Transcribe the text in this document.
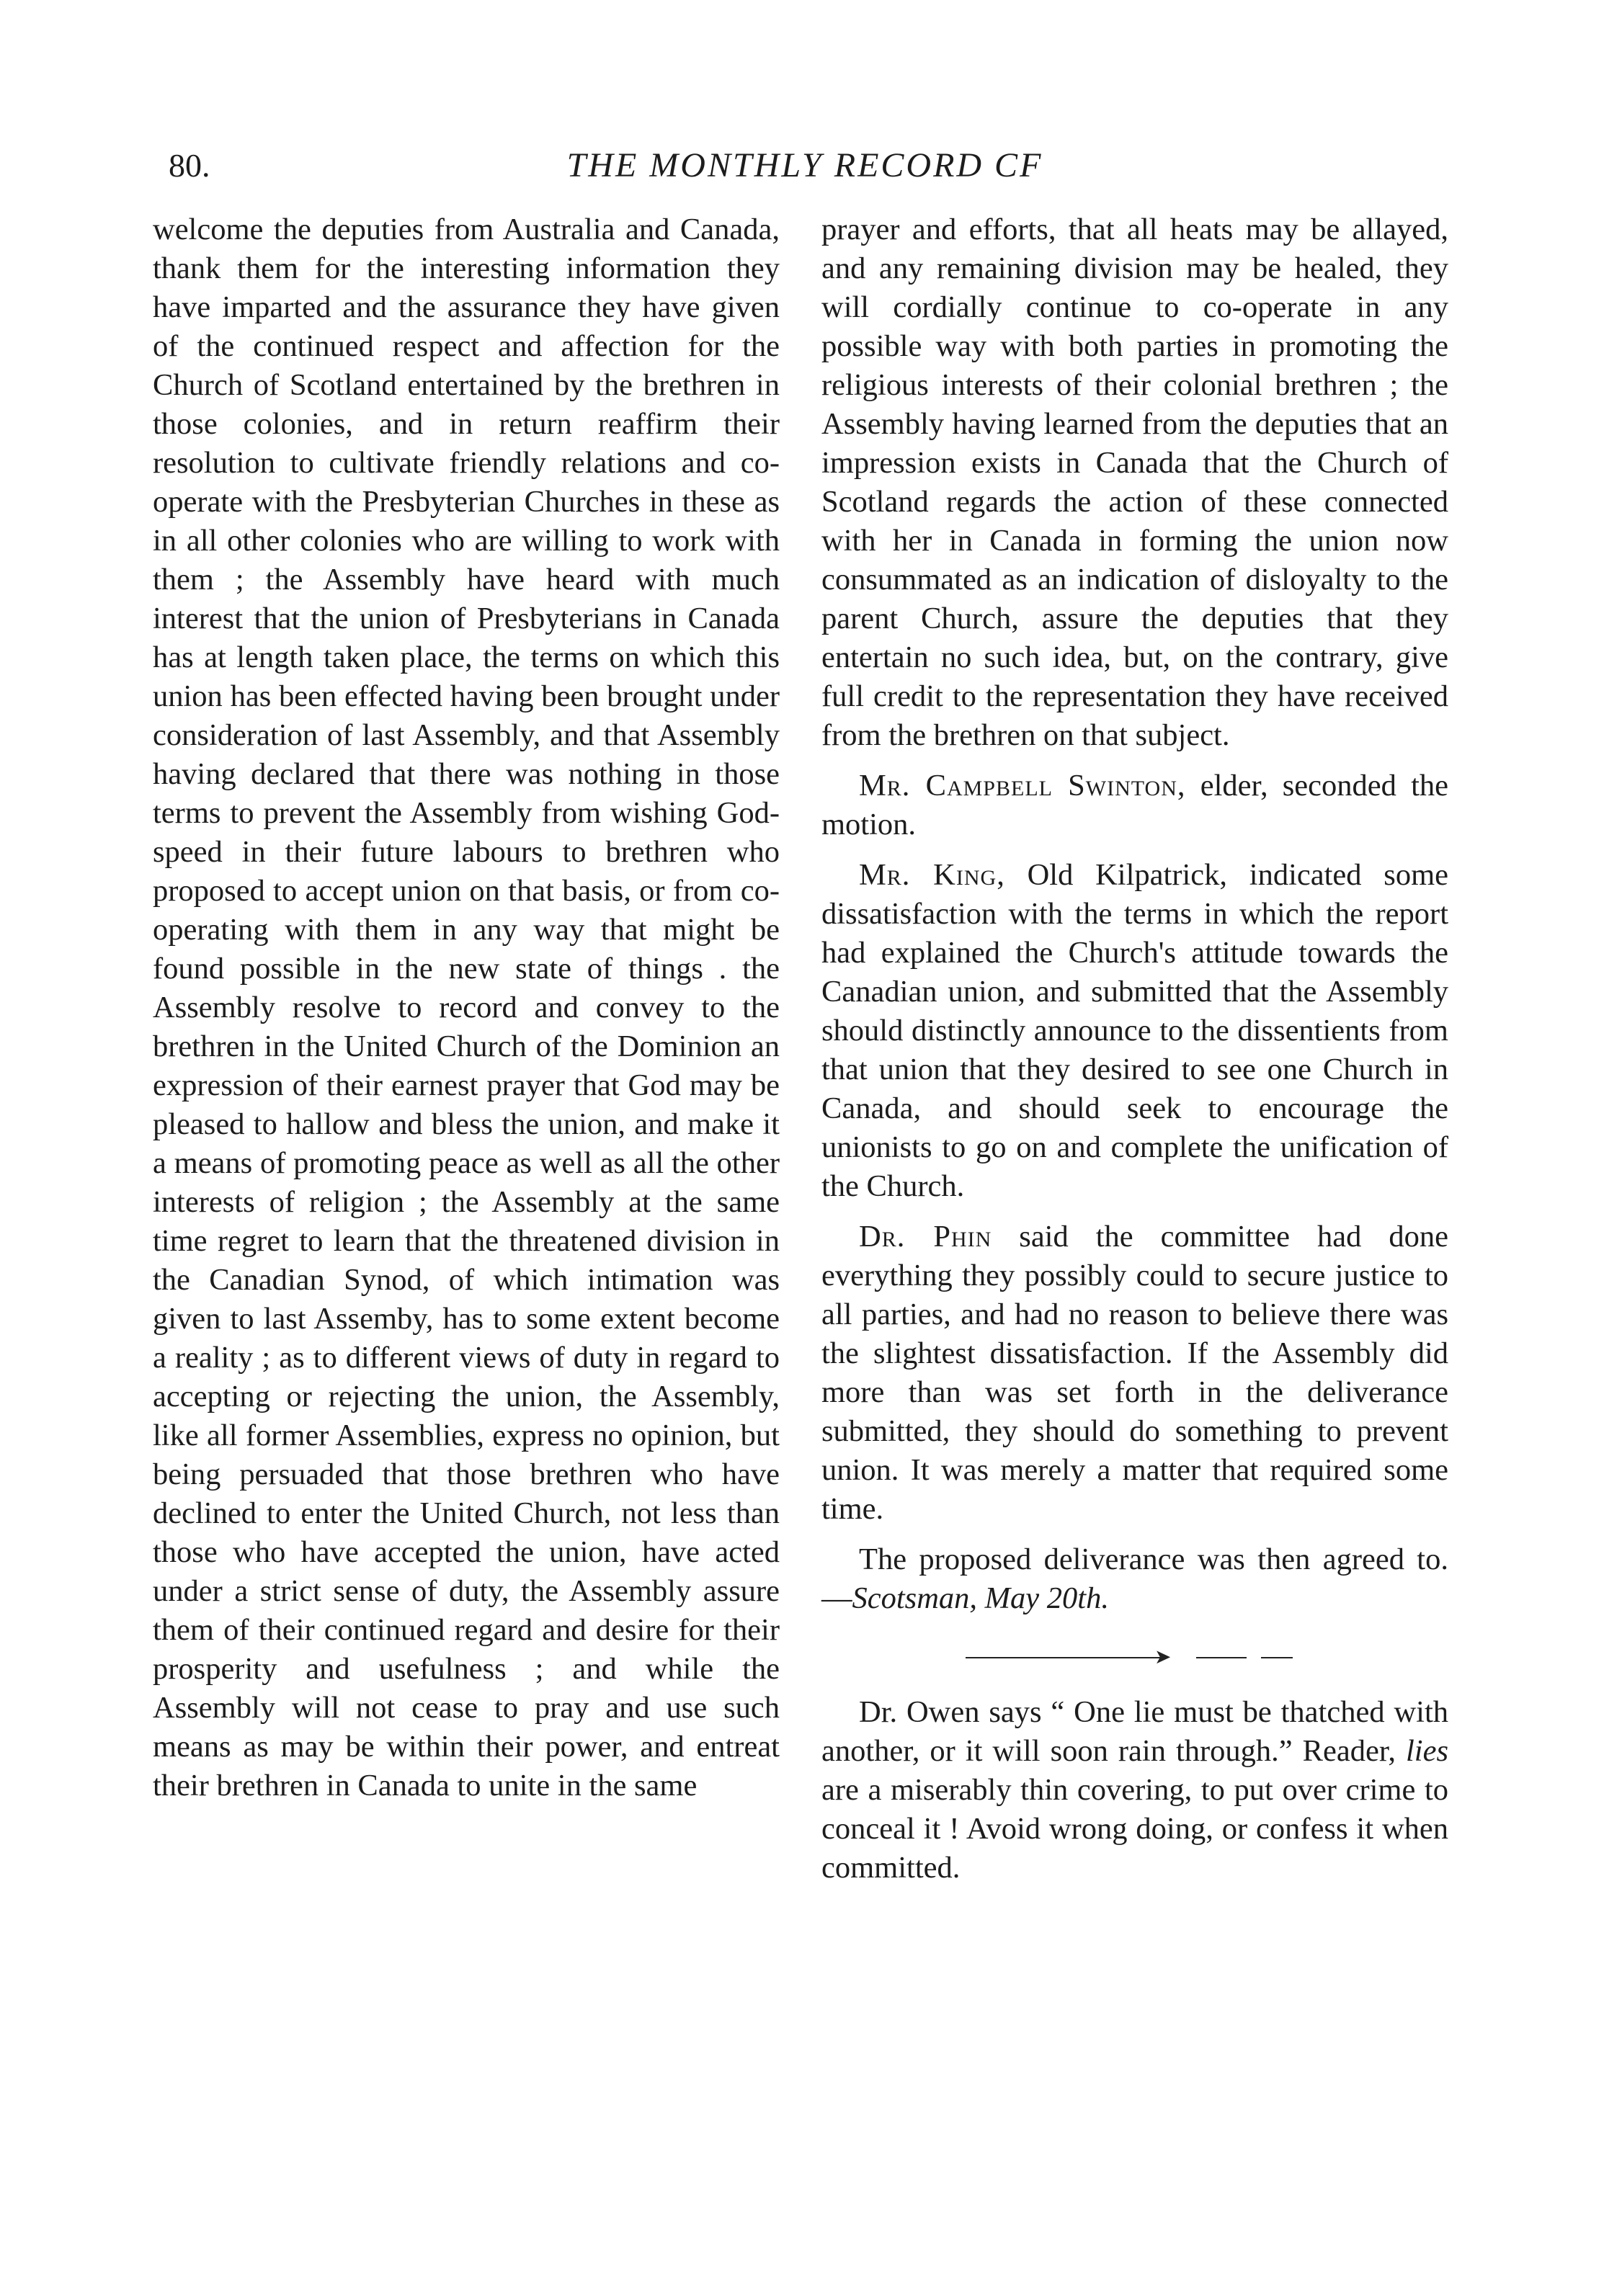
80.	THE MONTHLY RECORD CF

welcome the deputies from Australia and Canada, thank them for the interesting information they have imparted and the assurance they have given of the continued respect and affection for the Church of Scotland entertained by the brethren in those colonies, and in return reaffirm their resolution to cultivate friendly relations and co-operate with the Presbyterian Churches in these as in all other colonies who are willing to work with them ; the Assembly have heard with much interest that the union of Presbyterians in Canada has at length taken place, the terms on which this union has been effected having been brought under consideration of last Assembly, and that Assembly having declared that there was nothing in those terms to prevent the Assembly from wishing God-speed in their future labours to brethren who proposed to accept union on that basis, or from co-operating with them in any way that might be found possible in the new state of things . the Assembly resolve to record and convey to the brethren in the United Church of the Dominion an expression of their earnest prayer that God may be pleased to hallow and bless the union, and make it a means of promoting peace as well as all the other interests of religion ; the Assembly at the same time regret to learn that the threatened division in the Canadian Synod, of which intimation was given to last Assemby, has to some extent become a reality ; as to different views of duty in regard to accepting or rejecting the union, the Assembly, like all former Assemblies, express no opinion, but being persuaded that those brethren who have declined to enter the United Church, not less than those who have accepted the union, have acted under a strict sense of duty, the Assembly assure them of their continued regard and desire for their prosperity and usefulness ; and while the Assembly will not cease to pray and use such means as may be within their power, and entreat their brethren in Canada to unite in the same

prayer and efforts, that all heats may be allayed, and any remaining division may be healed, they will cordially continue to co-operate in any possible way with both parties in promoting the religious interests of their colonial brethren ; the Assembly having learned from the deputies that an impression exists in Canada that the Church of Scotland regards the action of these connected with her in Canada in forming the union now consummated as an indication of disloyalty to the parent Church, assure the deputies that they entertain no such idea, but, on the contrary, give full credit to the representation they have received from the brethren on that subject.

Mr. Campbell Swinton, elder, seconded the motion.

Mr. King, Old Kilpatrick, indicated some dissatisfaction with the terms in which the report had explained the Church's attitude towards the Canadian union, and submitted that the Assembly should distinctly announce to the dissentients from that union that they desired to see one Church in Canada, and should seek to encourage the unionists to go on and complete the unification of the Church.

Dr. Phin said the committee had done everything they possibly could to secure justice to all parties, and had no reason to believe there was the slightest dissatisfaction. If the Assembly did more than was set forth in the deliverance submitted, they should do something to prevent union. It was merely a matter that required some time.

The proposed deliverance was then agreed to.—Scotsman, May 20th.

➤

Dr. Owen says “ One lie must be thatched with another, or it will soon rain through.” Reader, lies are a miserably thin covering, to put over crime to conceal it ! Avoid wrong doing, or confess it when committed.
